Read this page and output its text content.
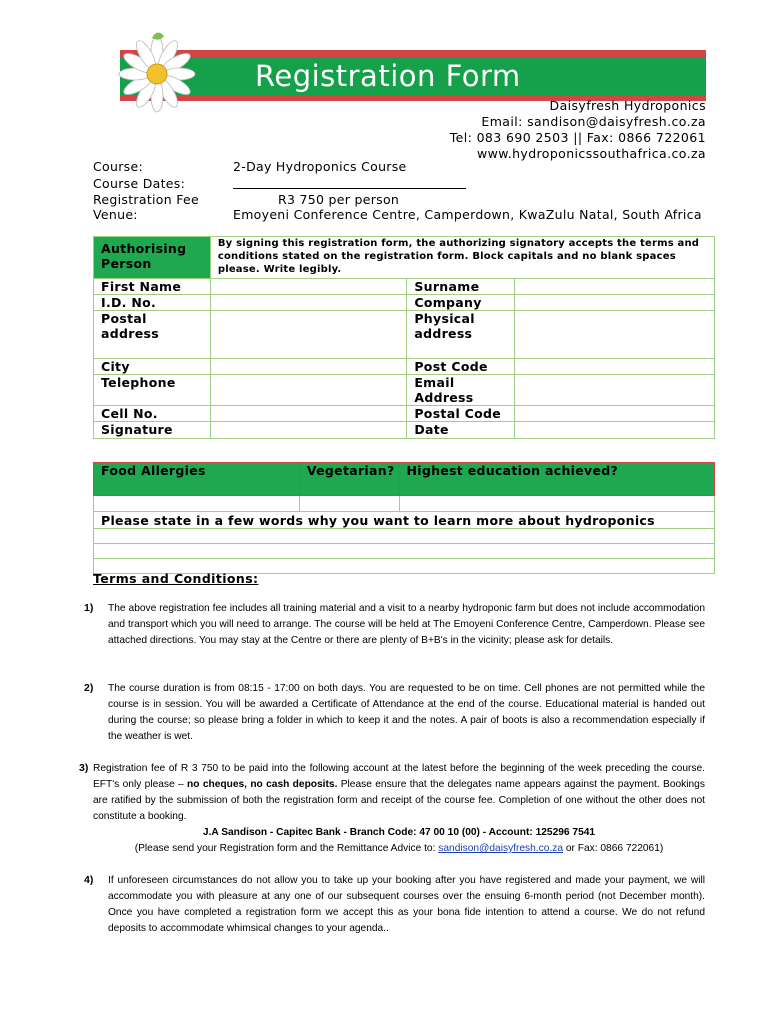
Registration Form
Daisyfresh Hydroponics
Email: sandison@daisyfresh.co.za
Tel: 083 690 2503 || Fax: 0866 722061
www.hydroponicssouthafrica.co.za
Course:	2-Day Hydroponics Course
Course Dates:
Registration Fee	R3 750 per person
Venue:	Emoyeni Conference Centre, Camperdown, KwaZulu Natal, South Africa
Authorising Person	By signing this registration form, the authorizing signatory accepts the terms and conditions stated on the registration form. Block capitals and no blank spaces please. Write legibly.		
First Name		Surname	
I.D. No.		Company	
Postal address		Physical address	
City		Post Code	
Telephone		Email Address	
Cell No.		Postal Code	
Signature		Date	
Food Allergies	Vegetarian?	Highest education achieved?

Please state in a few words why you want to learn more about hydroponics		

Terms and Conditions:
1) The above registration fee includes all training material and a visit to a nearby hydroponic farm but does not include accommodation and transport which you will need to arrange. The course will be held at The Emoyeni Conference Centre, Camperdown. Please see attached directions. You may stay at the Centre or there are plenty of B+B's in the vicinity; please ask for details.
2) The course duration is from 08:15 - 17:00 on both days. You are requested to be on time. Cell phones are not permitted while the course is in session. You will be awarded a Certificate of Attendance at the end of the course. Educational material is handed out during the course; so please bring a folder in which to keep it and the notes. A pair of boots is also a recommendation especially if the weather is wet.
3) Registration fee of R 3 750 to be paid into the following account at the latest before the beginning of the week preceding the course. EFT's only please – no cheques, no cash deposits. Please ensure that the delegates name appears against the payment. Bookings are ratified by the submission of both the registration form and receipt of the course fee. Completion of one without the other does not constitute a booking.
J.A Sandison - Capitec Bank - Branch Code: 47 00 10 (00) - Account: 125296 7541
(Please send your Registration form and the Remittance Advice to: sandison@daisyfresh.co.za or Fax: 0866 722061)
4) If unforeseen circumstances do not allow you to take up your booking after you have registered and made your payment, we will accommodate you with pleasure at any one of our subsequent courses over the ensuing 6-month period (not December month). Once you have completed a registration form we accept this as your bona fide intention to attend a course. We do not refund deposits to accommodate whimsical changes to your agenda..
